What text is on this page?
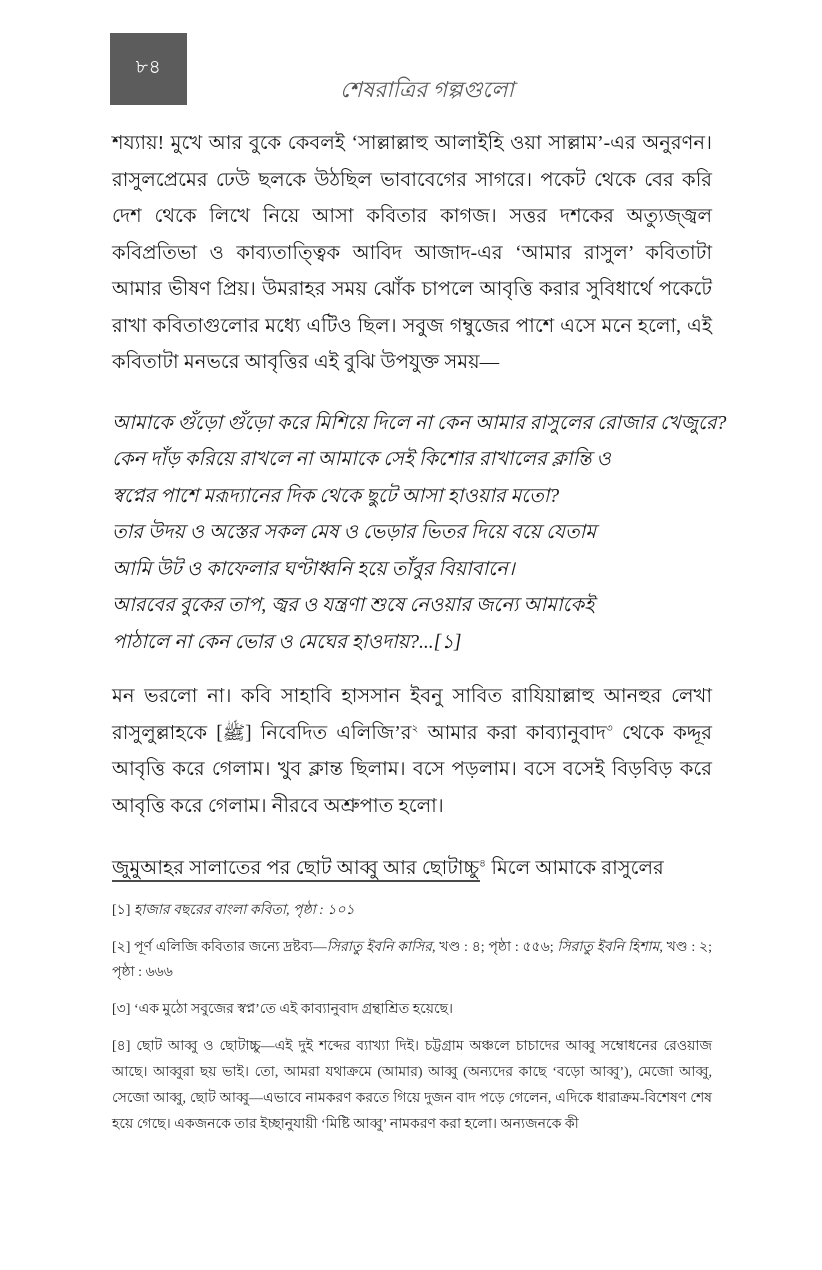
৮৪
শেষরাত্রির গল্পগুলো

শয্যায়! মুখে আর বুকে কেবলই ‘সাল্লাল্লাহু আলাইহি ওয়া সাল্লাম’-এর অনুরণন। রাসুলপ্রেমের ঢেউ ছলকে উঠছিল ভাবাবেগের সাগরে। পকেট থেকে বের করি দেশ থেকে লিখে নিয়ে আসা কবিতার কাগজ। সত্তর দশকের অত্যুজ্জ্বল কবিপ্রতিভা ও কাব্যতাত্ত্বিক আবিদ আজাদ-এর ‘আমার রাসুল’ কবিতাটা আমার ভীষণ প্রিয়। উমরাহর সময় ঝোঁক চাপলে আবৃত্তি করার সুবিধার্থে পকেটে রাখা কবিতাগুলোর মধ্যে এটিও ছিল। সবুজ গম্বুজের পাশে এসে মনে হলো, এই কবিতাটা মনভরে আবৃত্তির এই বুঝি উপযুক্ত সময়—

আমাকে গুঁড়ো গুঁড়ো করে মিশিয়ে দিলে না কেন আমার রাসুলের রোজার খেজুরে?
কেন দাঁড় করিয়ে রাখলে না আমাকে সেই কিশোর রাখালের ক্লান্তি ও
স্বপ্নের পাশে মরূদ্যানের দিক থেকে ছুটে আসা হাওয়ার মতো?
তার উদয় ও অস্তের সকল মেষ ও ভেড়ার ভিতর দিয়ে বয়ে যেতাম
আমি উট ও কাফেলার ঘণ্টাধ্বনি হয়ে তাঁবুর বিয়াবানে।
আরবের বুকের তাপ, জ্বর ও যন্ত্রণা শুষে নেওয়ার জন্যে আমাকেই
পাঠালে না কেন ভোর ও মেঘের হাওদায়?...[১]

মন ভরলো না। কবি সাহাবি হাসসান ইবনু সাবিত রাযিয়াল্লাহু আনহুর লেখা রাসুলুল্লাহকে [ﷺ] নিবেদিত এলিজি’র$^২$ আমার করা কাব্যানুবাদ$^৩$ থেকে কদ্দূর আবৃত্তি করে গেলাম। খুব ক্লান্ত ছিলাম। বসে পড়লাম। বসে বসেই বিড়বিড় করে আবৃত্তি করে গেলাম। নীরবে অশ্রুপাত হলো।

জুমুআহর সালাতের পর ছোট আব্বু আর ছোটাচ্চু$^৪$ মিলে আমাকে রাসুলের

[১] হাজার বছরের বাংলা কবিতা, পৃষ্ঠা : ১০১

[২] পূর্ণ এলিজি কবিতার জন্যে দ্রষ্টব্য—সিরাতু ইবনি কাসির, খণ্ড : ৪; পৃষ্ঠা : ৫৫৬; সিরাতু ইবনি হিশাম, খণ্ড : ২; পৃষ্ঠা : ৬৬৬

[৩] ‘এক মুঠো সবুজের স্বপ্ন’তে এই কাব্যানুবাদ গ্রন্থাশ্রিত হয়েছে।

[৪] ছোট আব্বু ও ছোটাচ্চু—এই দুই শব্দের ব্যাখ্যা দিই। চট্টগ্রাম অঞ্চলে চাচাদের আব্বু সম্বোধনের রেওয়াজ আছে। আব্বুরা ছয় ভাই। তো, আমরা যথাক্রমে (আমার) আব্বু (অন্যদের কাছে ‘বড়ো আব্বু’), মেজো আব্বু, সেজো আব্বু, ছোট আব্বু—এভাবে নামকরণ করতে গিয়ে দুজন বাদ পড়ে গেলেন, এদিকে ধারাক্রম-বিশেষণ শেষ হয়ে গেছে। একজনকে তার ইচ্ছানুযায়ী ‘মিষ্টি আব্বু’ নামকরণ করা হলো। অন্যজনকে কী
